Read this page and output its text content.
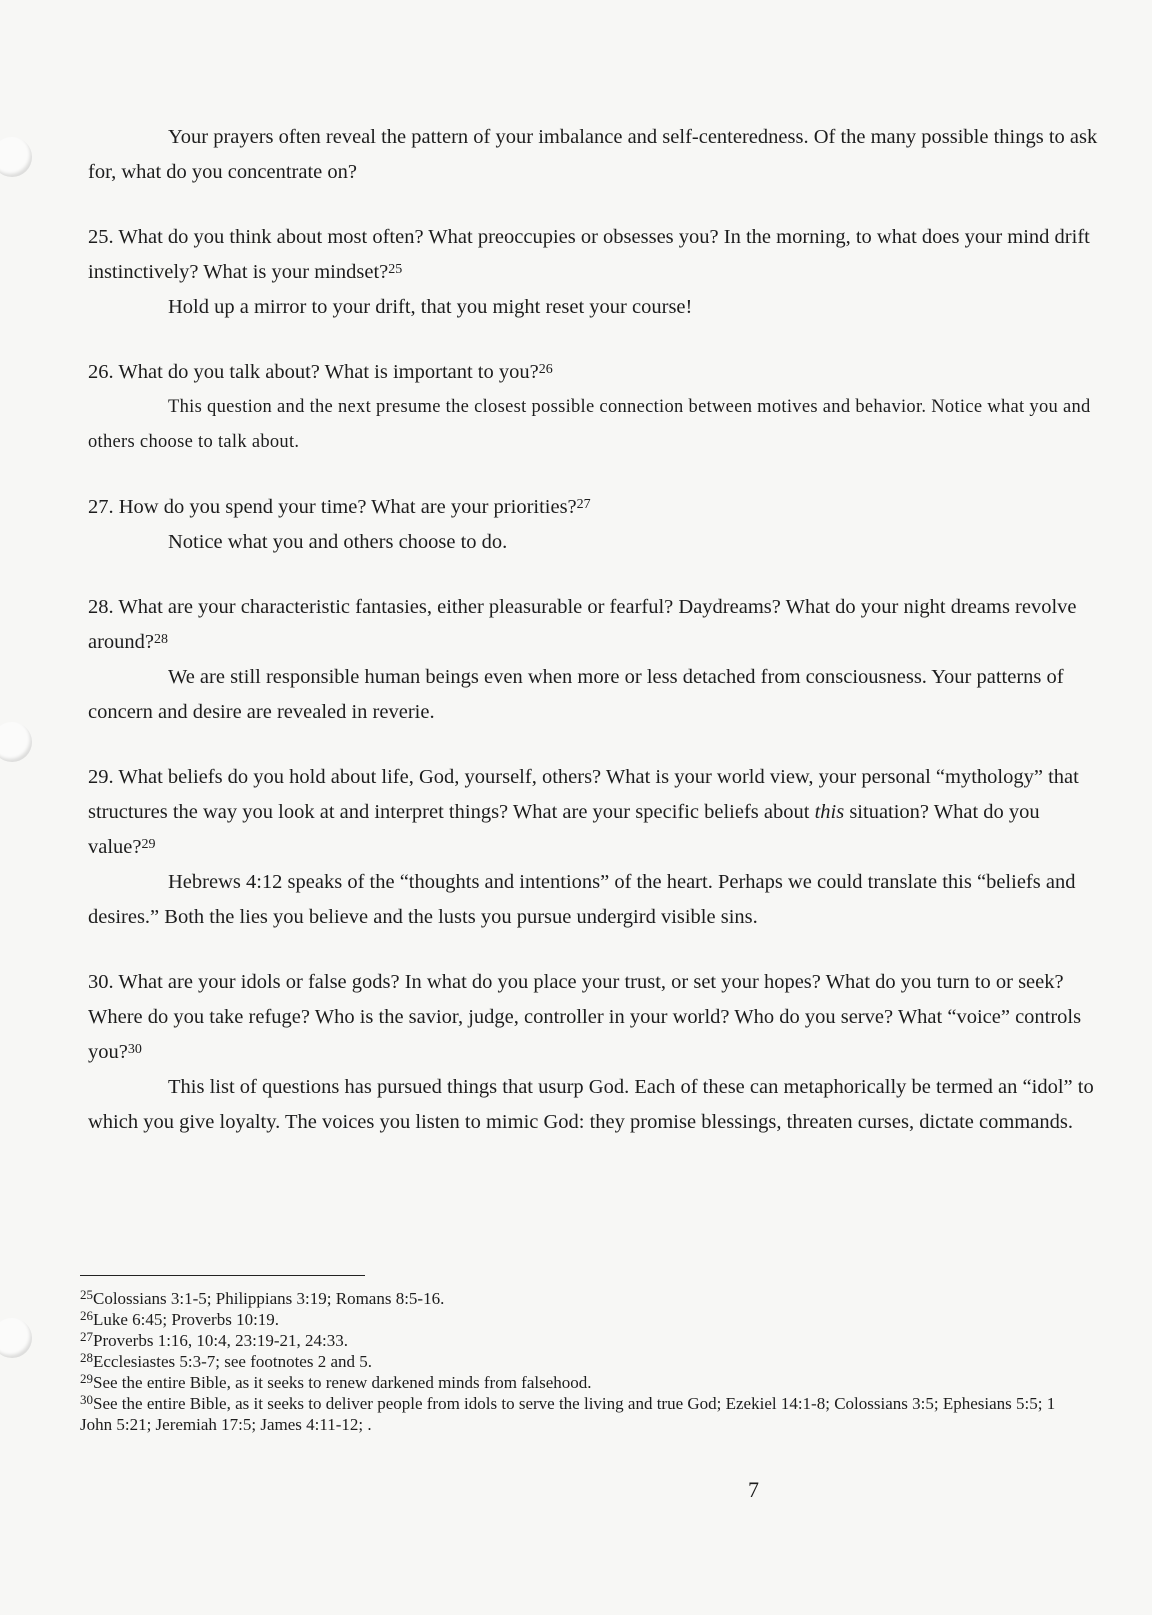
Your prayers often reveal the pattern of your imbalance and self-centeredness. Of the many possible things to ask for, what do you concentrate on?

25. What do you think about most often? What preoccupies or obsesses you? In the morning, to what does your mind drift instinctively? What is your mindset?$^{25}$

Hold up a mirror to your drift, that you might reset your course!

26. What do you talk about? What is important to you?$^{26}$

This question and the next presume the closest possible connection between motives and behavior. Notice what you and others choose to talk about.

27. How do you spend your time? What are your priorities?$^{27}$

Notice what you and others choose to do.

28. What are your characteristic fantasies, either pleasurable or fearful? Daydreams? What do your night dreams revolve around?$^{28}$

We are still responsible human beings even when more or less detached from consciousness. Your patterns of concern and desire are revealed in reverie.

29. What beliefs do you hold about life, God, yourself, others? What is your world view, your personal “mythology” that structures the way you look at and interpret things? What are your specific beliefs about this situation? What do you value?$^{29}$

Hebrews 4:12 speaks of the “thoughts and intentions” of the heart. Perhaps we could translate this “beliefs and desires.” Both the lies you believe and the lusts you pursue undergird visible sins.

30. What are your idols or false gods? In what do you place your trust, or set your hopes? What do you turn to or seek? Where do you take refuge? Who is the savior, judge, controller in your world? Who do you serve? What “voice” controls you?$^{30}$

This list of questions has pursued things that usurp God. Each of these can metaphorically be termed an “idol” to which you give loyalty. The voices you listen to mimic God: they promise blessings, threaten curses, dictate commands.

$^{25}$Colossians 3:1-5; Philippians 3:19; Romans 8:5-16.

$^{26}$Luke 6:45; Proverbs 10:19.

$^{27}$Proverbs 1:16, 10:4, 23:19-21, 24:33.

$^{28}$Ecclesiastes 5:3-7; see footnotes 2 and 5.

$^{29}$See the entire Bible, as it seeks to renew darkened minds from falsehood.

$^{30}$See the entire Bible, as it seeks to deliver people from idols to serve the living and true God; Ezekiel 14:1-8; Colossians 3:5; Ephesians 5:5; 1 John 5:21; Jeremiah 17:5; James 4:11-12; .

7
